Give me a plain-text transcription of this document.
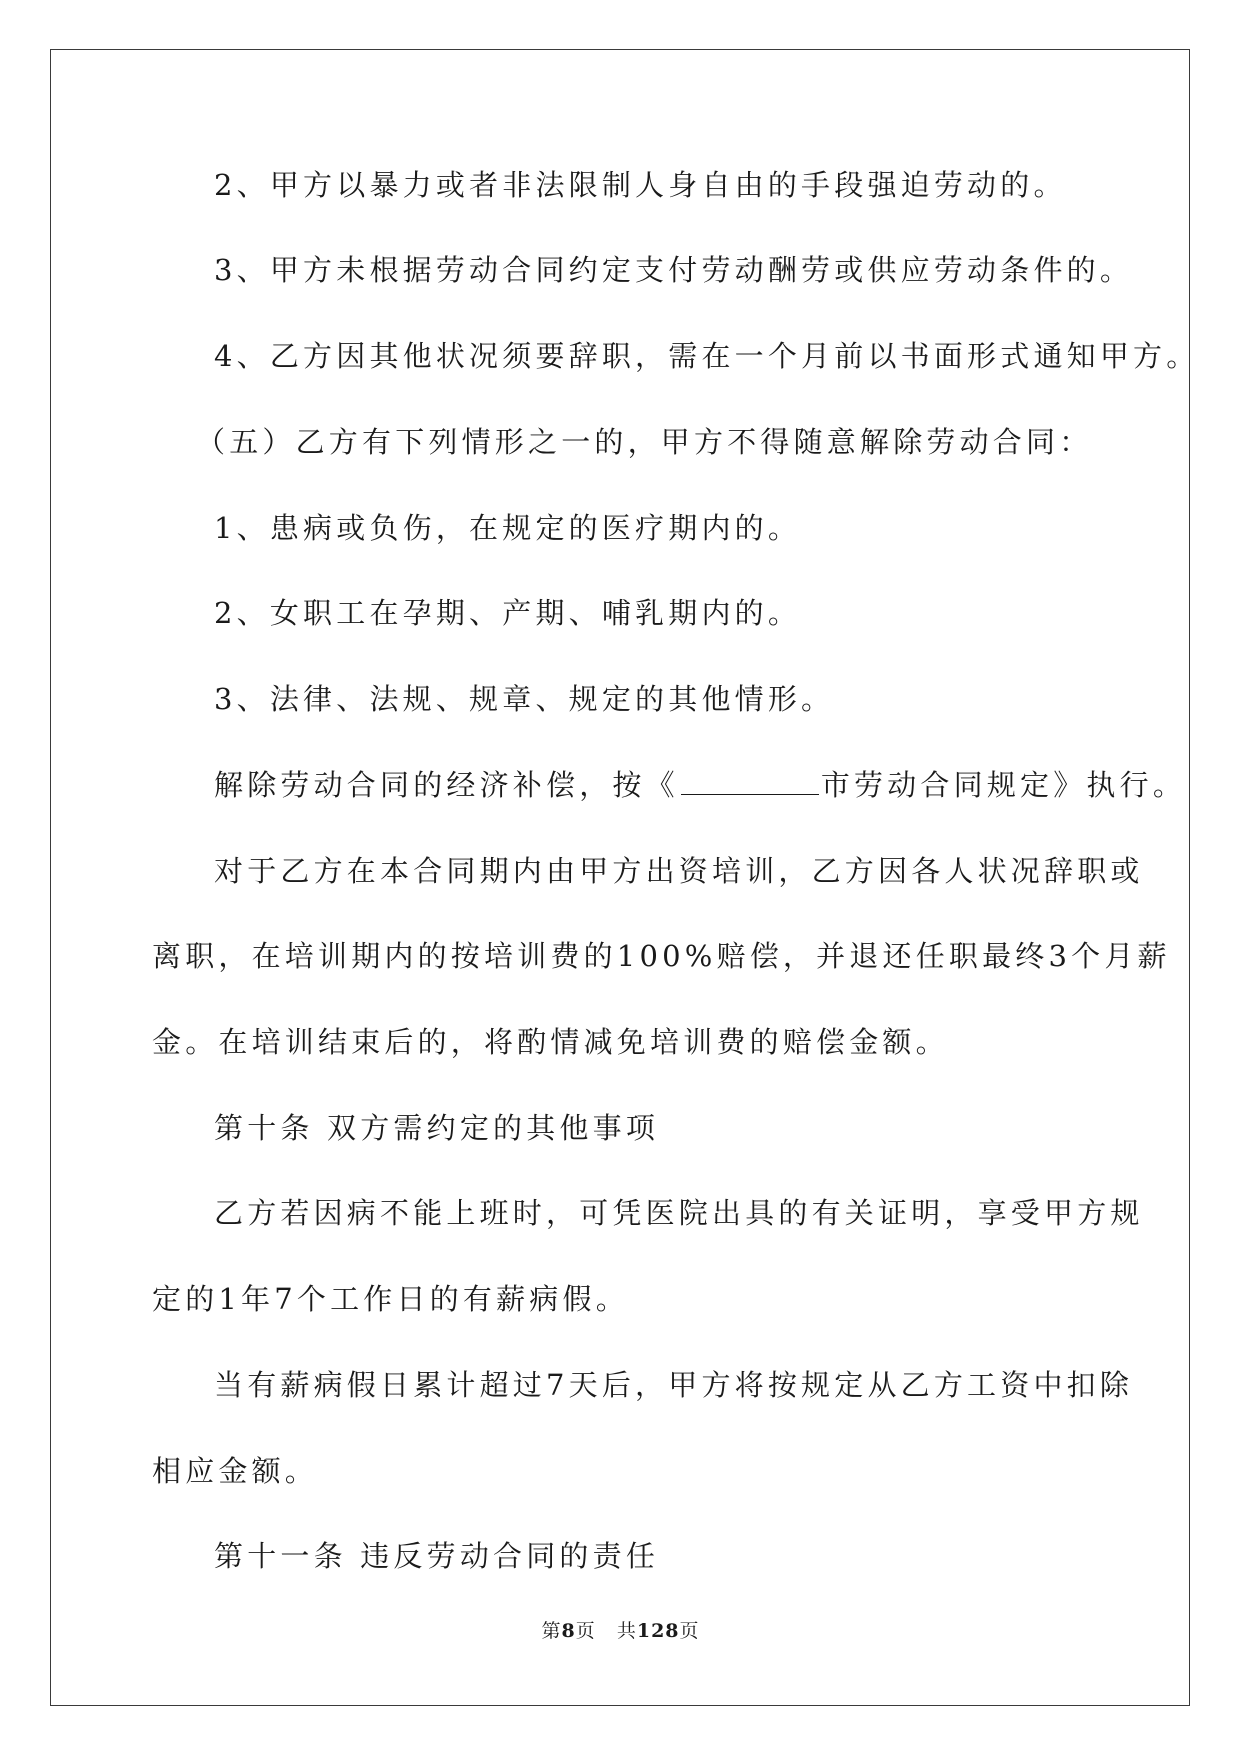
2、甲方以暴力或者非法限制人身自由的手段强迫劳动的。
3、甲方未根据劳动合同约定支付劳动酬劳或供应劳动条件的。
4、乙方因其他状况须要辞职，需在一个月前以书面形式通知甲方。
（五）乙方有下列情形之一的，甲方不得随意解除劳动合同：
1、患病或负伤，在规定的医疗期内的。
2、女职工在孕期、产期、哺乳期内的。
3、法律、法规、规章、规定的其他情形。
解除劳动合同的经济补偿，按《	市劳动合同规定》执行。
对于乙方在本合同期内由甲方出资培训，乙方因各人状况辞职或
离职，在培训期内的按培训费的100%赔偿，并退还任职最终3个月薪
金。在培训结束后的，将酌情减免培训费的赔偿金额。
第十条 双方需约定的其他事项
乙方若因病不能上班时，可凭医院出具的有关证明，享受甲方规
定的1年7个工作日的有薪病假。
当有薪病假日累计超过7天后，甲方将按规定从乙方工资中扣除
相应金额。
第十一条 违反劳动合同的责任
第8页 共128页
